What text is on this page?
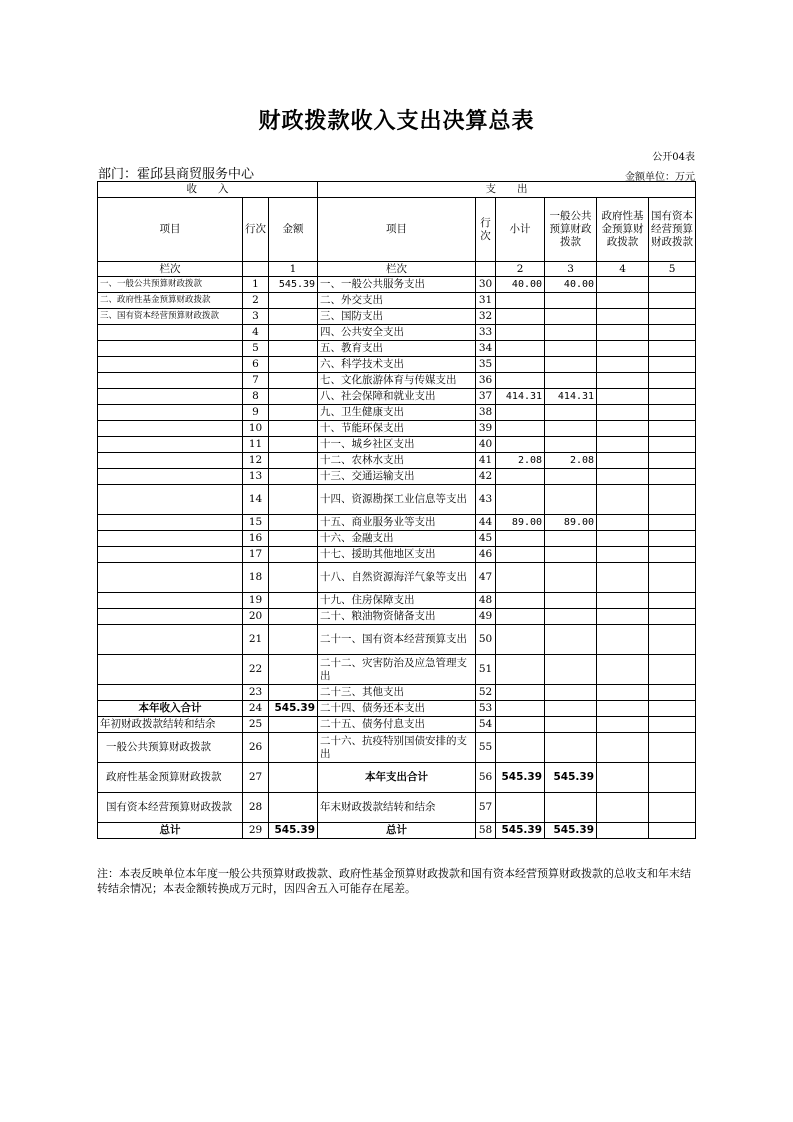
财政拨款收入支出决算总表
公开04表
部门：霍邱县商贸服务中心	金额单位：万元
收　　入			支　　出					
项目	行次	金额	项目	行次	小计	一般公共预算财政拨款	政府性基金预算财政拨款	国有资本经营预算财政拨款
栏次		1	栏次		2	3	4	5
一、一般公共预算财政拨款	1	545.39	一、一般公共服务支出	30	40.00	40.00		
二、政府性基金预算财政拨款	2		二、外交支出	31				
三、国有资本经营预算财政拨款	3		三、国防支出	32				
	4		四、公共安全支出	33				
	5		五、教育支出	34				
	6		六、科学技术支出	35				
	7		七、文化旅游体育与传媒支出	36				
	8		八、社会保障和就业支出	37	414.31	414.31		
	9		九、卫生健康支出	38				
	10		十、节能环保支出	39				
	11		十一、城乡社区支出	40				
	12		十二、农林水支出	41	2.08	2.08		
	13		十三、交通运输支出	42				
	14		十四、资源勘探工业信息等支出	43				
	15		十五、商业服务业等支出	44	89.00	89.00		
	16		十六、金融支出	45				
	17		十七、援助其他地区支出	46				
	18		十八、自然资源海洋气象等支出	47				
	19		十九、住房保障支出	48				
	20		二十、粮油物资储备支出	49				
	21		二十一、国有资本经营预算支出	50				
	22		二十二、灾害防治及应急管理支出	51				
	23		二十三、其他支出	52				
本年收入合计	24	545.39	二十四、债务还本支出	53				
年初财政拨款结转和结余	25		二十五、债务付息支出	54				
一般公共预算财政拨款	26		二十六、抗疫特别国债安排的支出	55				
政府性基金预算财政拨款	27		本年支出合计	56	545.39	545.39		
国有资本经营预算财政拨款	28		年末财政拨款结转和结余	57				
总计	29	545.39	总计	58	545.39	545.39		
注：本表反映单位本年度一般公共预算财政拨款、政府性基金预算财政拨款和国有资本经营预算财政拨款的总收支和年末结转结余情况；本表金额转换成万元时，因四舍五入可能存在尾差。
